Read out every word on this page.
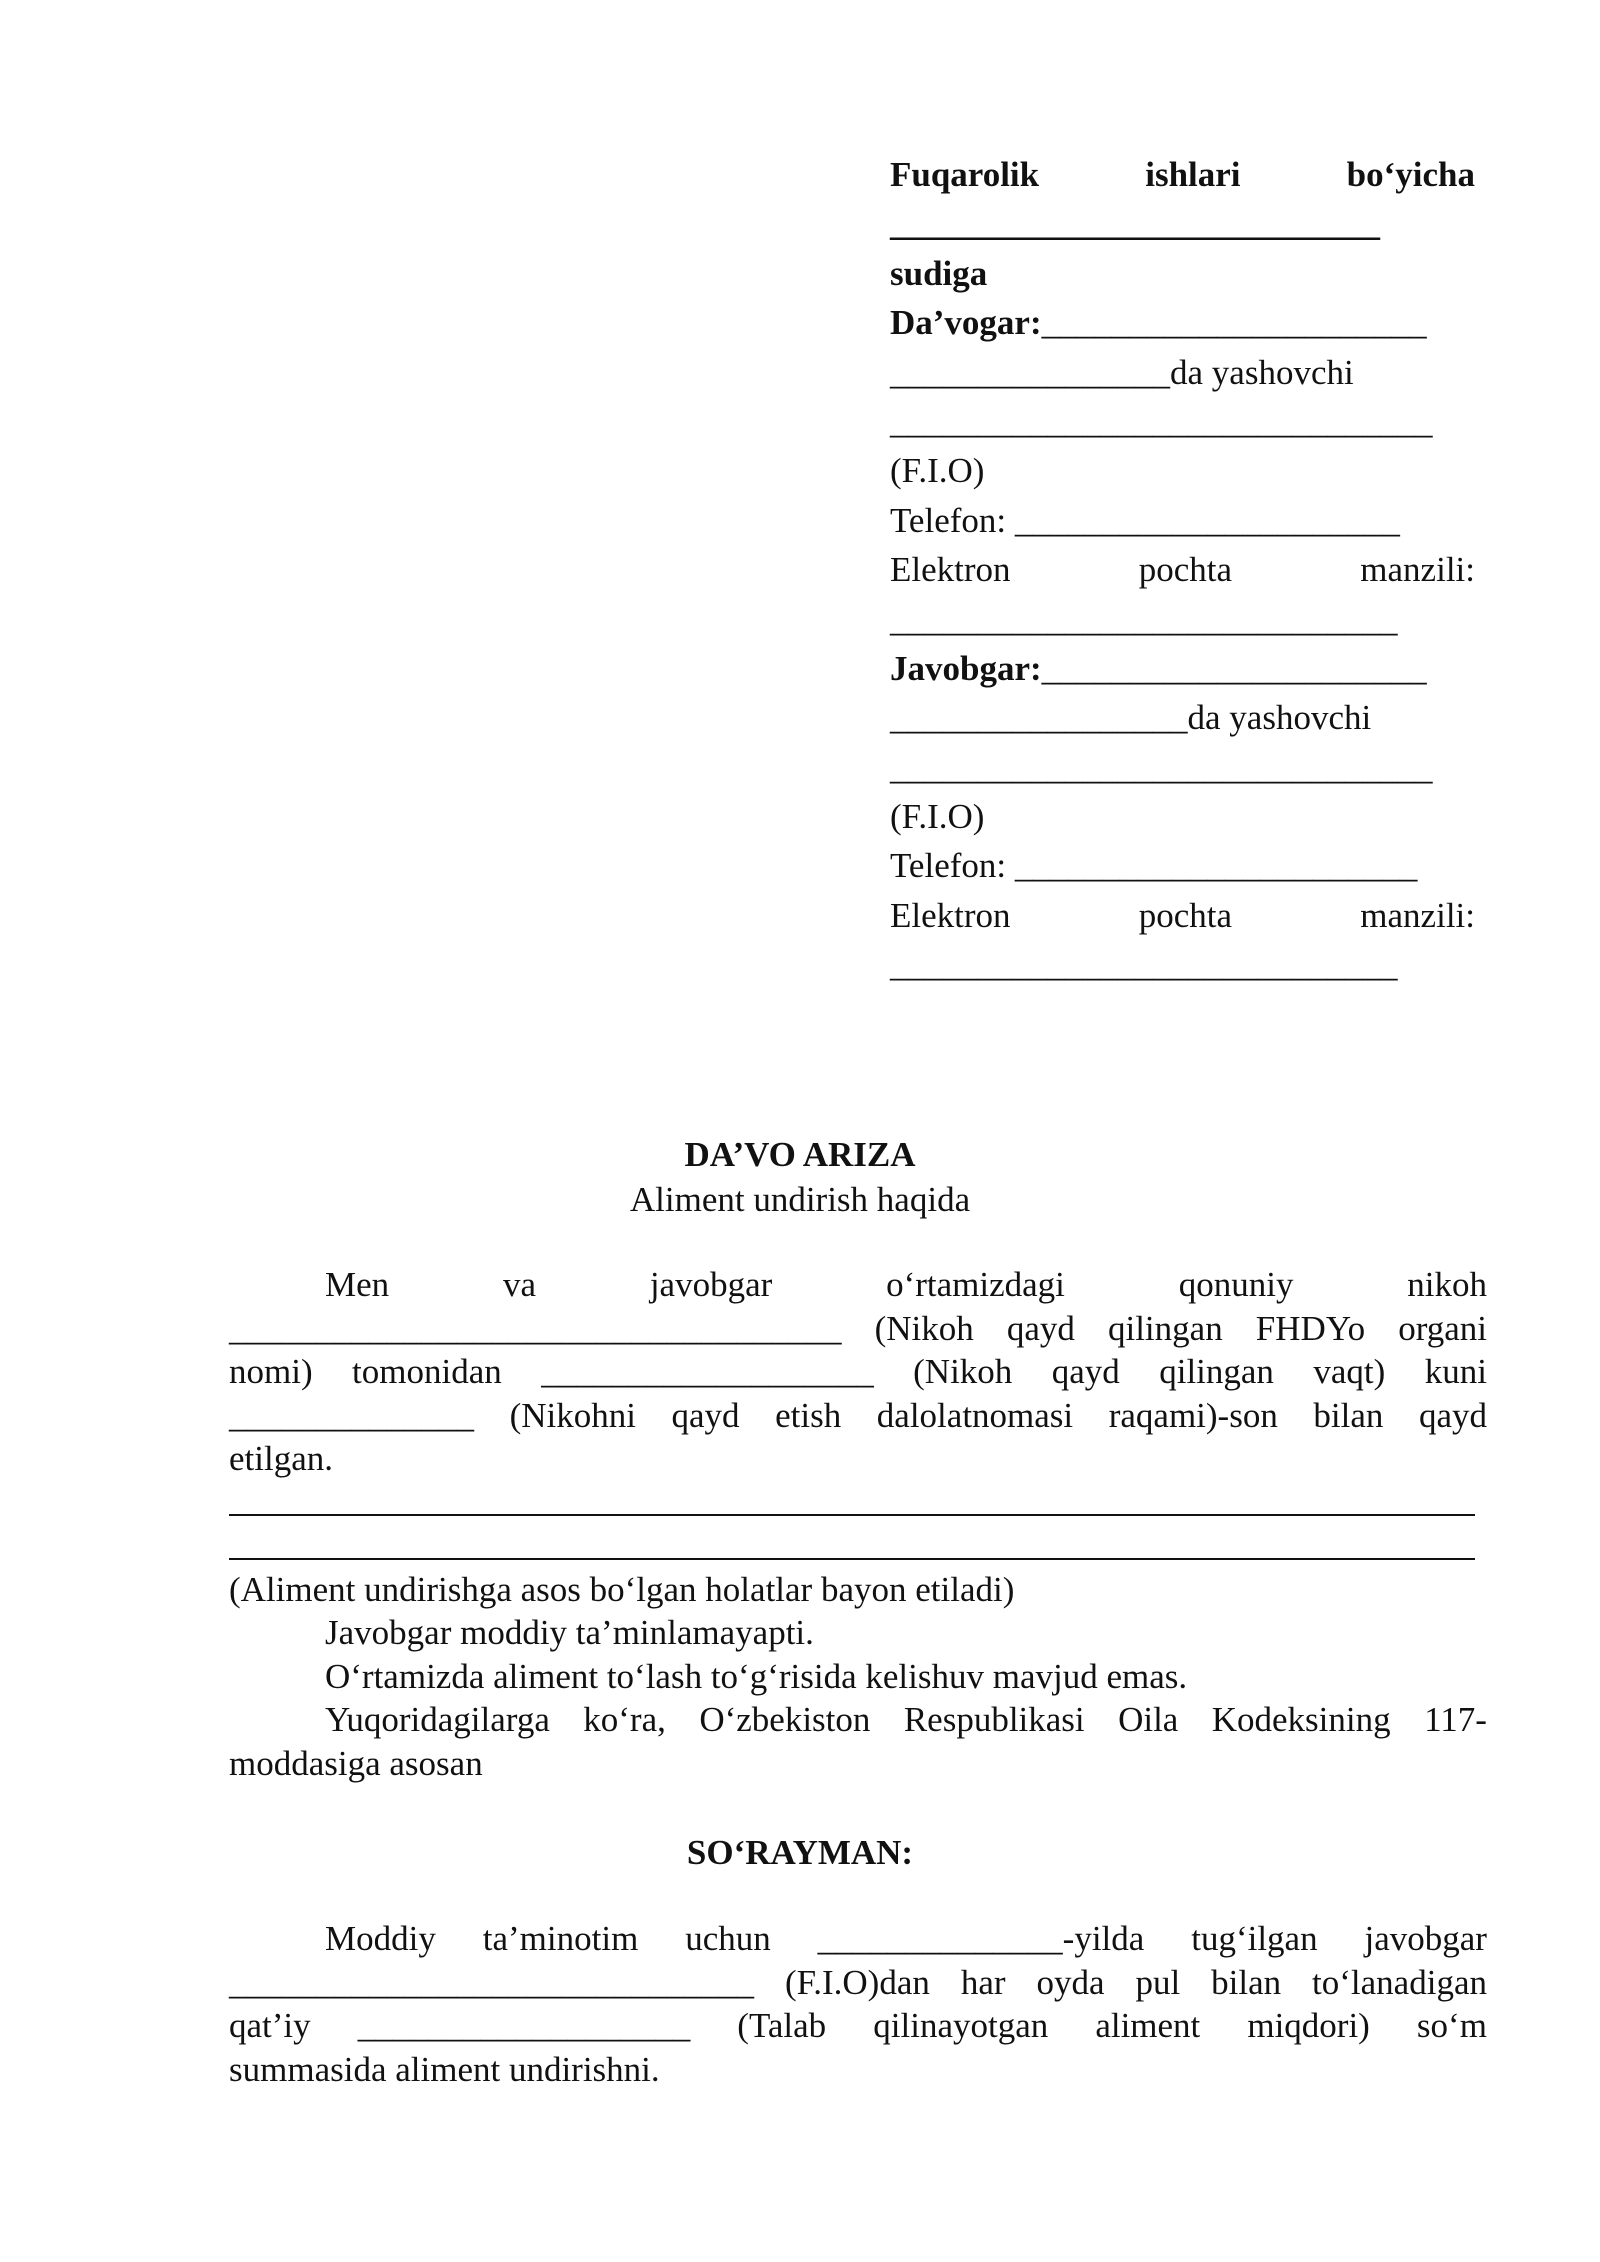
Fuqarolik	ishlari	bo‘yicha
____________________________
sudiga
Da’vogar:______________________
________________da yashovchi
_______________________________
(F.I.O)
Telefon: ______________________
Elektron	pochta	manzili:
_____________________________
Javobgar:______________________
_________________da yashovchi
_______________________________
(F.I.O)
Telefon: _______________________
Elektron	pochta	manzili:
_____________________________
DA’VO ARIZA
Aliment undirish haqida
Men	va	javobgar	o‘rtamizdagi	qonuniy	nikoh
___________________________________ (Nikoh qayd qilingan FHDYo organi
nomi) tomonidan ___________________ (Nikoh qayd qilingan vaqt) kuni
______________ (Nikohni qayd etish dalolatnomasi raqami)-son bilan qayd
etilgan.
(Aliment undirishga asos bo‘lgan holatlar bayon etiladi)
Javobgar moddiy ta’minlamayapti.
O‘rtamizda aliment to‘lash to‘g‘risida kelishuv mavjud emas.
Yuqoridagilarga ko‘ra, O‘zbekiston Respublikasi Oila Kodeksining 117-
moddasiga asosan
SO‘RAYMAN:
Moddiy ta’minotim uchun ______________-yilda tug‘ilgan javobgar
______________________________ (F.I.O)dan har oyda pul bilan to‘lanadigan
qat’iy ___________________ (Talab qilinayotgan aliment miqdori) so‘m
summasida aliment undirishni.
